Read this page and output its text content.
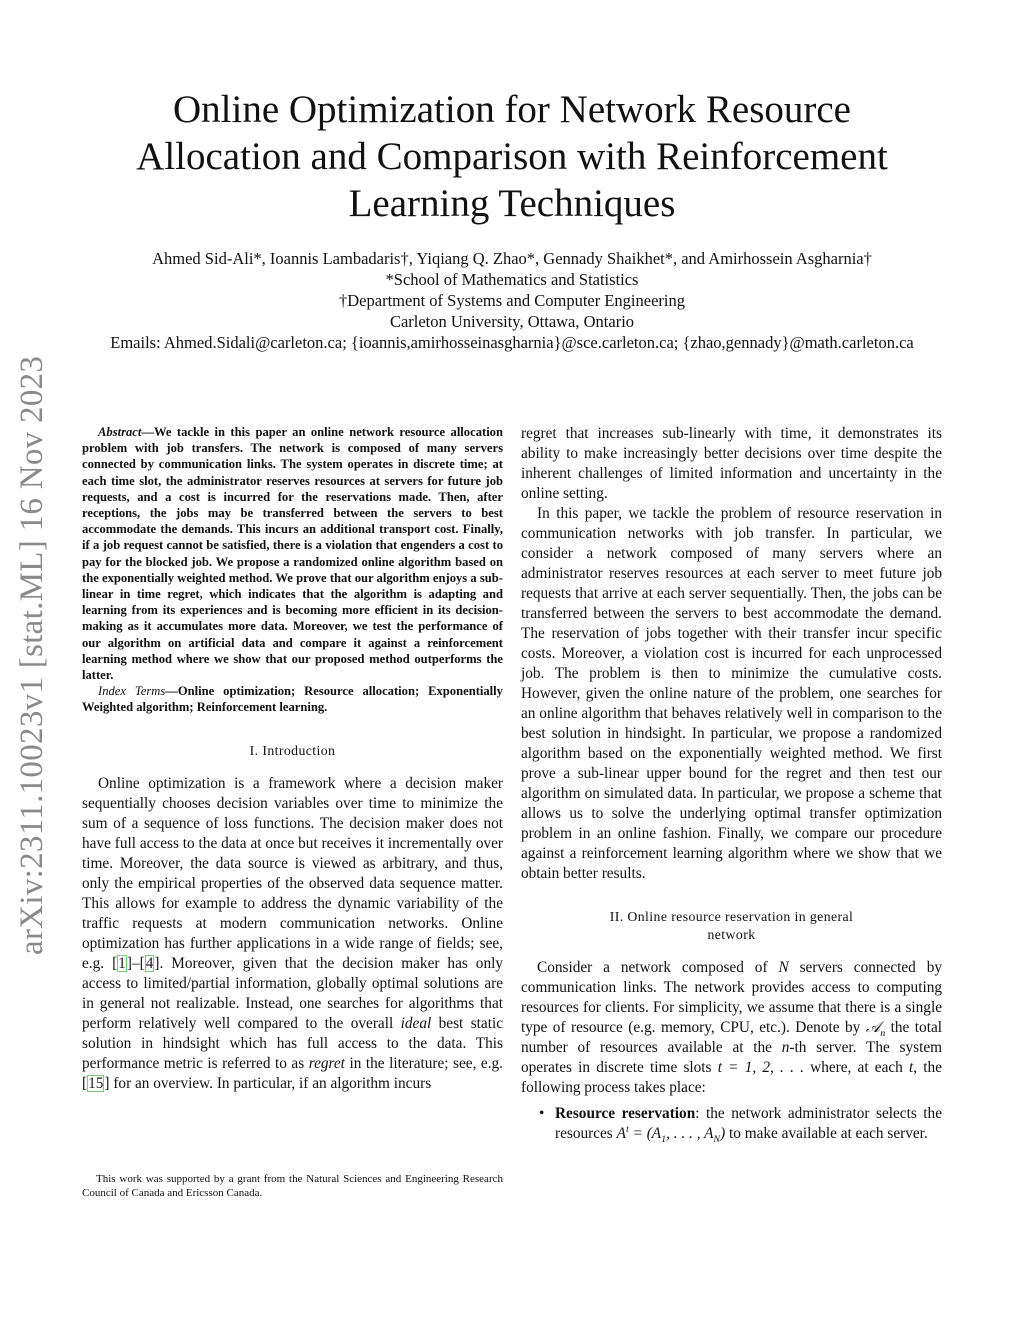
arXiv:2311.10023v1 [stat.ML] 16 Nov 2023
Online Optimization for Network Resource
Allocation and Comparison with Reinforcement
Learning Techniques
Ahmed Sid-Ali*, Ioannis Lambadaris†, Yiqiang Q. Zhao*, Gennady Shaikhet*, and Amirhossein Asgharnia†
*School of Mathematics and Statistics
†Department of Systems and Computer Engineering
Carleton University, Ottawa, Ontario
Emails: Ahmed.Sidali@carleton.ca; {ioannis,amirhosseinasgharnia}@sce.carleton.ca; {zhao,gennady}@math.carleton.ca

Abstract—We tackle in this paper an online network resource allocation problem with job transfers. The network is composed of many servers connected by communication links. The system operates in discrete time; at each time slot, the administrator reserves resources at servers for future job requests, and a cost is incurred for the reservations made. Then, after receptions, the jobs may be transferred between the servers to best accommodate the demands. This incurs an additional transport cost. Finally, if a job request cannot be satisfied, there is a violation that engenders a cost to pay for the blocked job. We propose a randomized online algorithm based on the exponentially weighted method. We prove that our algorithm enjoys a sub-linear in time regret, which indicates that the algorithm is adapting and learning from its experiences and is becoming more efficient in its decision-making as it accumulates more data. Moreover, we test the performance of our algorithm on artificial data and compare it against a reinforcement learning method where we show that our proposed method outperforms the latter.

Index Terms—Online optimization; Resource allocation; Exponentially Weighted algorithm; Reinforcement learning.

I. Introduction

Online optimization is a framework where a decision maker sequentially chooses decision variables over time to minimize the sum of a sequence of loss functions. The decision maker does not have full access to the data at once but receives it incrementally over time. Moreover, the data source is viewed as arbitrary, and thus, only the empirical properties of the observed data sequence matter. This allows for example to address the dynamic variability of the traffic requests at modern communication networks. Online optimization has further applications in a wide range of fields; see, e.g. [1]–[4]. Moreover, given that the decision maker has only access to limited/partial information, globally optimal solutions are in general not realizable. Instead, one searches for algorithms that perform relatively well compared to the overall ideal best static solution in hindsight which has full access to the data. This performance metric is referred to as regret in the literature; see, e.g. [15] for an overview. In particular, if an algorithm incurs

This work was supported by a grant from the Natural Sciences and Engineering Research Council of Canada and Ericsson Canada.

regret that increases sub-linearly with time, it demonstrates its ability to make increasingly better decisions over time despite the inherent challenges of limited information and uncertainty in the online setting.

In this paper, we tackle the problem of resource reservation in communication networks with job transfer. In particular, we consider a network composed of many servers where an administrator reserves resources at each server to meet future job requests that arrive at each server sequentially. Then, the jobs can be transferred between the servers to best accommodate the demand. The reservation of jobs together with their transfer incur specific costs. Moreover, a violation cost is incurred for each unprocessed job. The problem is then to minimize the cumulative costs. However, given the online nature of the problem, one searches for an online algorithm that behaves relatively well in comparison to the best solution in hindsight. In particular, we propose a randomized algorithm based on the exponentially weighted method. We first prove a sub-linear upper bound for the regret and then test our algorithm on simulated data. In particular, we propose a scheme that allows us to solve the underlying optimal transfer optimization problem in an online fashion. Finally, we compare our procedure against a reinforcement learning algorithm where we show that we obtain better results.

II. Online resource reservation in general
network

Consider a network composed of N servers connected by communication links. The network provides access to computing resources for clients. For simplicity, we assume that there is a single type of resource (e.g. memory, CPU, etc.). Denote by 𝒜$_n$ the total number of resources available at the n-th server. The system operates in discrete time slots t = 1, 2, . . . where, at each t, the following process takes place:

• Resource reservation: the network administrator selects the resources $A^t = (A_1$, . . . , $A_N$) to make available at each server.
